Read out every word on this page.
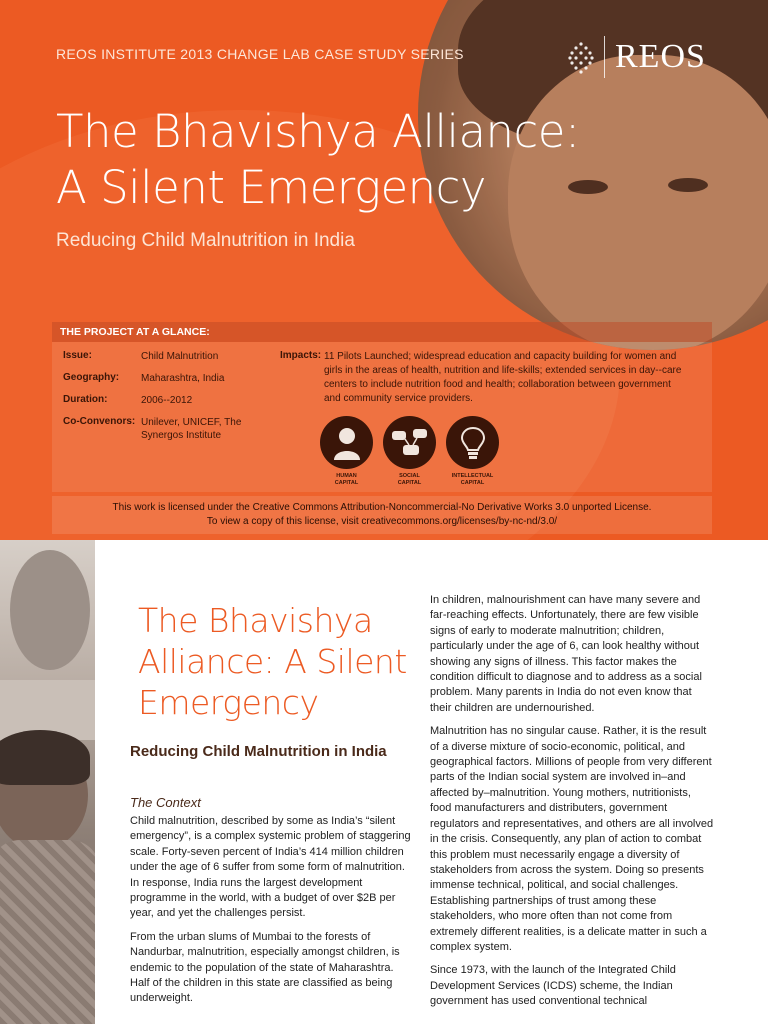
REOS INSTITUTE 2013 CHANGE LAB CASE STUDY SERIES	REOS
The Bhavishya Alliance:
A Silent Emergency
Reducing Child Malnutrition in India
THE PROJECT AT A GLANCE:
Issue:	Child Malnutrition
Geography:	Maharashtra, India
Duration:	2006--2012
Co-Convenors: Unilever, UNICEF, The Synergos Institute
Impacts: 11 Pilots Launched; widespread education and capacity building for women and girls in the areas of health, nutrition and life-skills; extended services in day--care centers to include nutrition food and health; collaboration between government and community service providers.
HUMAN
CAPITAL
SOCIAL
CAPITAL
INTELLECTUAL
CAPITAL
This work is licensed under the Creative Commons Attribution-Noncommercial-No Derivative Works 3.0 unported License.
To view a copy of this license, visit creativecommons.org/licenses/by-nc-nd/3.0/
The Bhavishya
Alliance: A Silent
Emergency
Reducing Child Malnutrition in India
The Context

Child malnutrition, described by some as India’s “silent emergency”, is a complex systemic problem of staggering scale. Forty-seven percent of India’s 414 million children under the age of 6 suffer from some form of malnutrition. In response, India runs the largest development programme in the world, with a budget of over $2B per year, and yet the challenges persist.

From the urban slums of Mumbai to the forests of Nandurbar, malnutrition, especially amongst children, is endemic to the population of the state of Maharashtra. Half of the children in this state are classified as being underweight.

In children, malnourishment can have many severe and far-reaching effects. Unfortunately, there are few visible signs of early to moderate malnutrition; children, particularly under the age of 6, can look healthy without showing any signs of illness. This factor makes the condition difficult to diagnose and to address as a social problem. Many parents in India do not even know that their children are undernourished.

Malnutrition has no singular cause. Rather, it is the result of a diverse mixture of socio-economic, political, and geographical factors. Millions of people from very different parts of the Indian social system are involved in–and affected by–malnutrition. Young mothers, nutritionists, food manufacturers and distributers, government regulators and representatives, and others are all involved in the crisis. Consequently, any plan of action to combat this problem must necessarily engage a diversity of stakeholders from across the system. Doing so presents immense technical, political, and social challenges. Establishing partnerships of trust among these stakeholders, who more often than not come from extremely different realities, is a delicate matter in such a complex system.

Since 1973, with the launch of the Integrated Child Development Services (ICDS) scheme, the Indian government has used conventional technical
